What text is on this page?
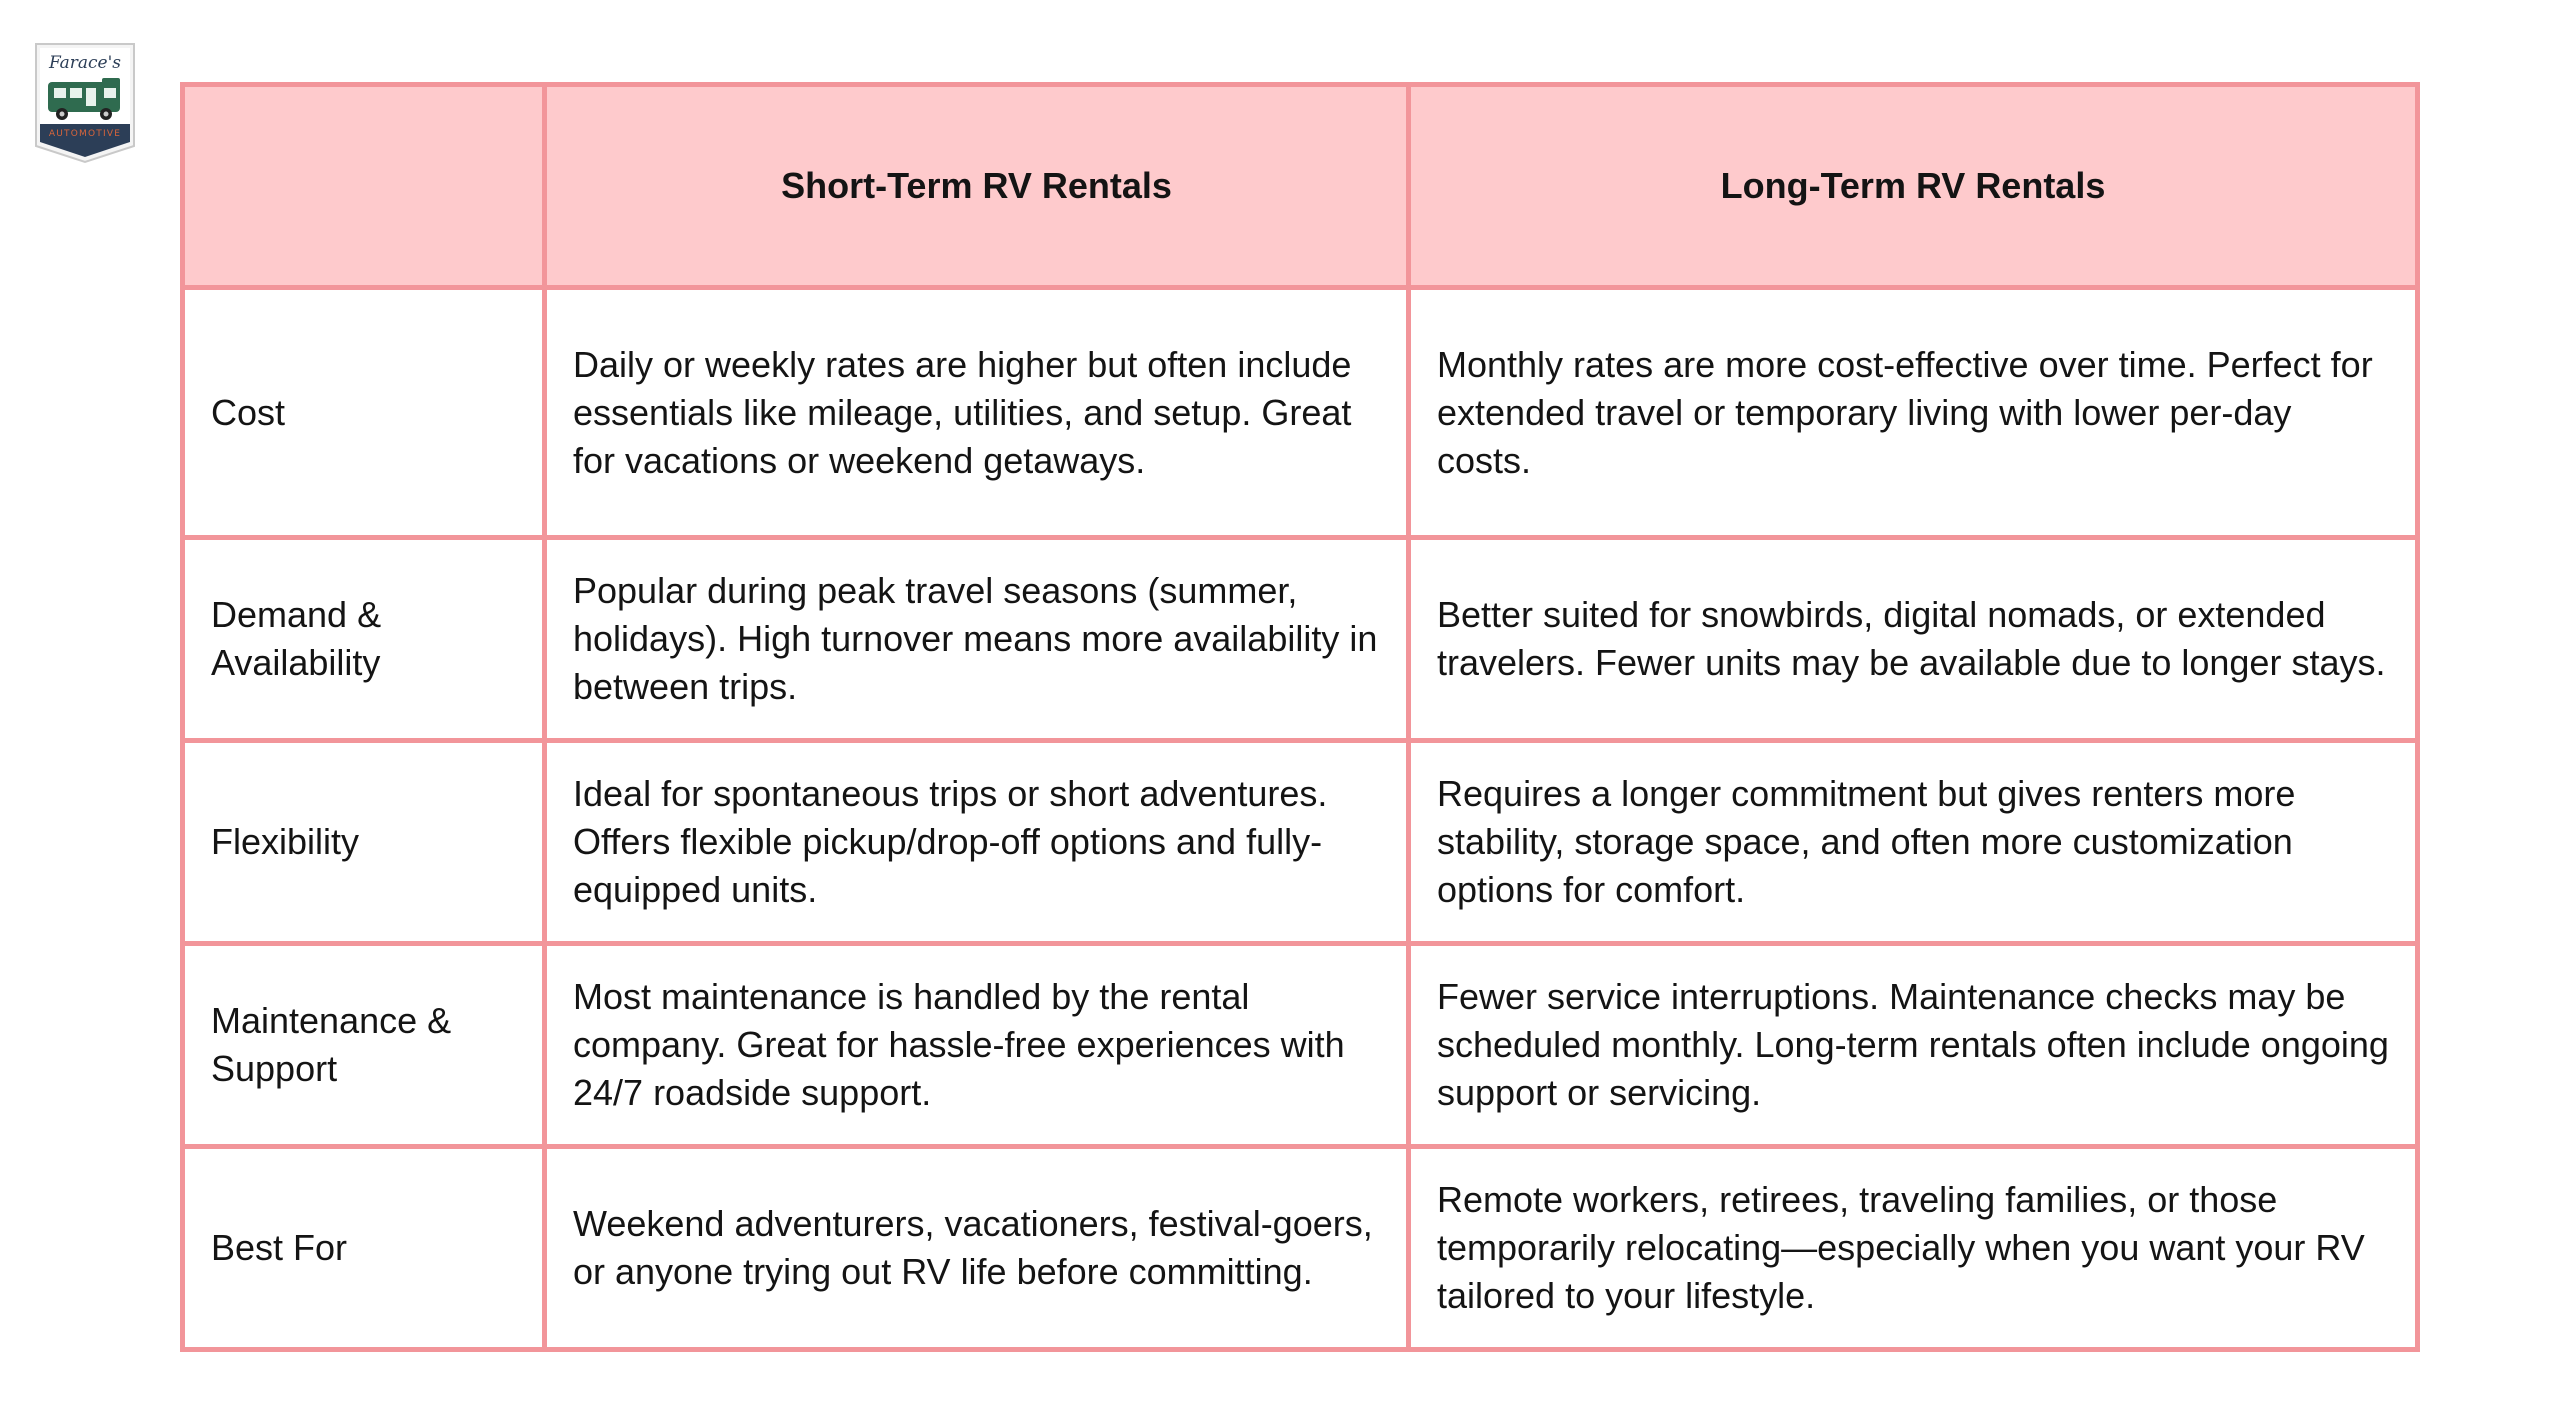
Farace's
AUTOMOTIVE
	Short-Term RV Rentals	Long-Term RV Rentals
Cost	Daily or weekly rates are higher but often include essentials like mileage, utilities, and setup. Great for vacations or weekend getaways.	Monthly rates are more cost-effective over time. Perfect for extended travel or temporary living with lower per-day costs.
Demand & Availability	Popular during peak travel seasons (summer, holidays). High turnover means more availability in between trips.	Better suited for snowbirds, digital nomads, or extended travelers. Fewer units may be available due to longer stays.
Flexibility	Ideal for spontaneous trips or short adventures. Offers flexible pickup/drop-off options and fully-equipped units.	Requires a longer commitment but gives renters more stability, storage space, and often more customization options for comfort.
Maintenance & Support	Most maintenance is handled by the rental company. Great for hassle-free experiences with 24/7 roadside support.	Fewer service interruptions. Maintenance checks may be scheduled monthly. Long-term rentals often include ongoing support or servicing.
Best For	Weekend adventurers, vacationers, festival-goers, or anyone trying out RV life before committing.	Remote workers, retirees, traveling families, or those temporarily relocating—especially when you want your RV tailored to your lifestyle.
